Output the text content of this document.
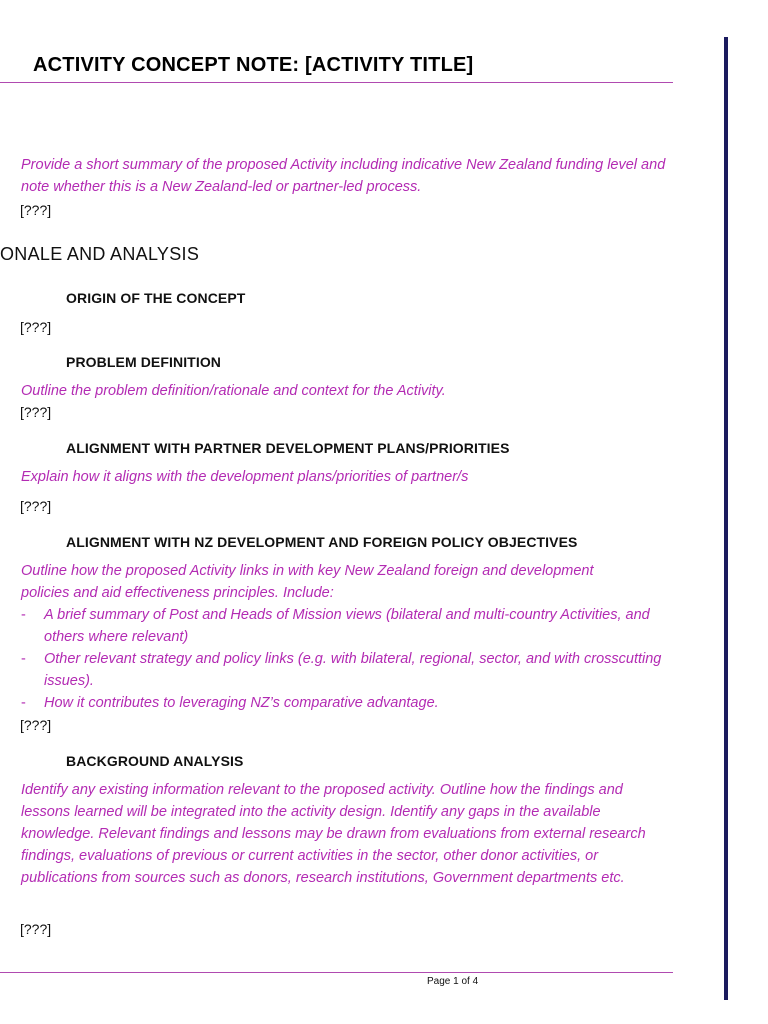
ACTIVITY CONCEPT NOTE: [ACTIVITY TITLE]
Provide a short summary of the proposed Activity including indicative New Zealand funding level and note whether this is a New Zealand-led or partner-led process.
[???]
ONALE AND ANALYSIS
ORIGIN OF THE CONCEPT
[???]
PROBLEM DEFINITION
Outline the problem definition/rationale and context for the Activity.
[???]
ALIGNMENT WITH PARTNER DEVELOPMENT PLANS/PRIORITIES
Explain how it aligns with the development plans/priorities of partner/s
[???]
ALIGNMENT WITH NZ DEVELOPMENT AND FOREIGN POLICY OBJECTIVES
Outline how the proposed Activity links in with key New Zealand foreign and development policies and aid effectiveness principles. Include:
- A brief summary of Post and Heads of Mission views (bilateral and multi-country Activities, and others where relevant)
- Other relevant strategy and policy links (e.g. with bilateral, regional, sector, and with crosscutting issues).
- How it contributes to leveraging NZ’s comparative advantage.
[???]
BACKGROUND ANALYSIS
Identify any existing information relevant to the proposed activity. Outline how the findings and lessons learned will be integrated into the activity design. Identify any gaps in the available knowledge. Relevant findings and lessons may be drawn from evaluations from external research findings, evaluations of previous or current activities in the sector, other donor activities, or publications from sources such as donors, research institutions, Government departments etc.
[???]
Page 1 of 4
